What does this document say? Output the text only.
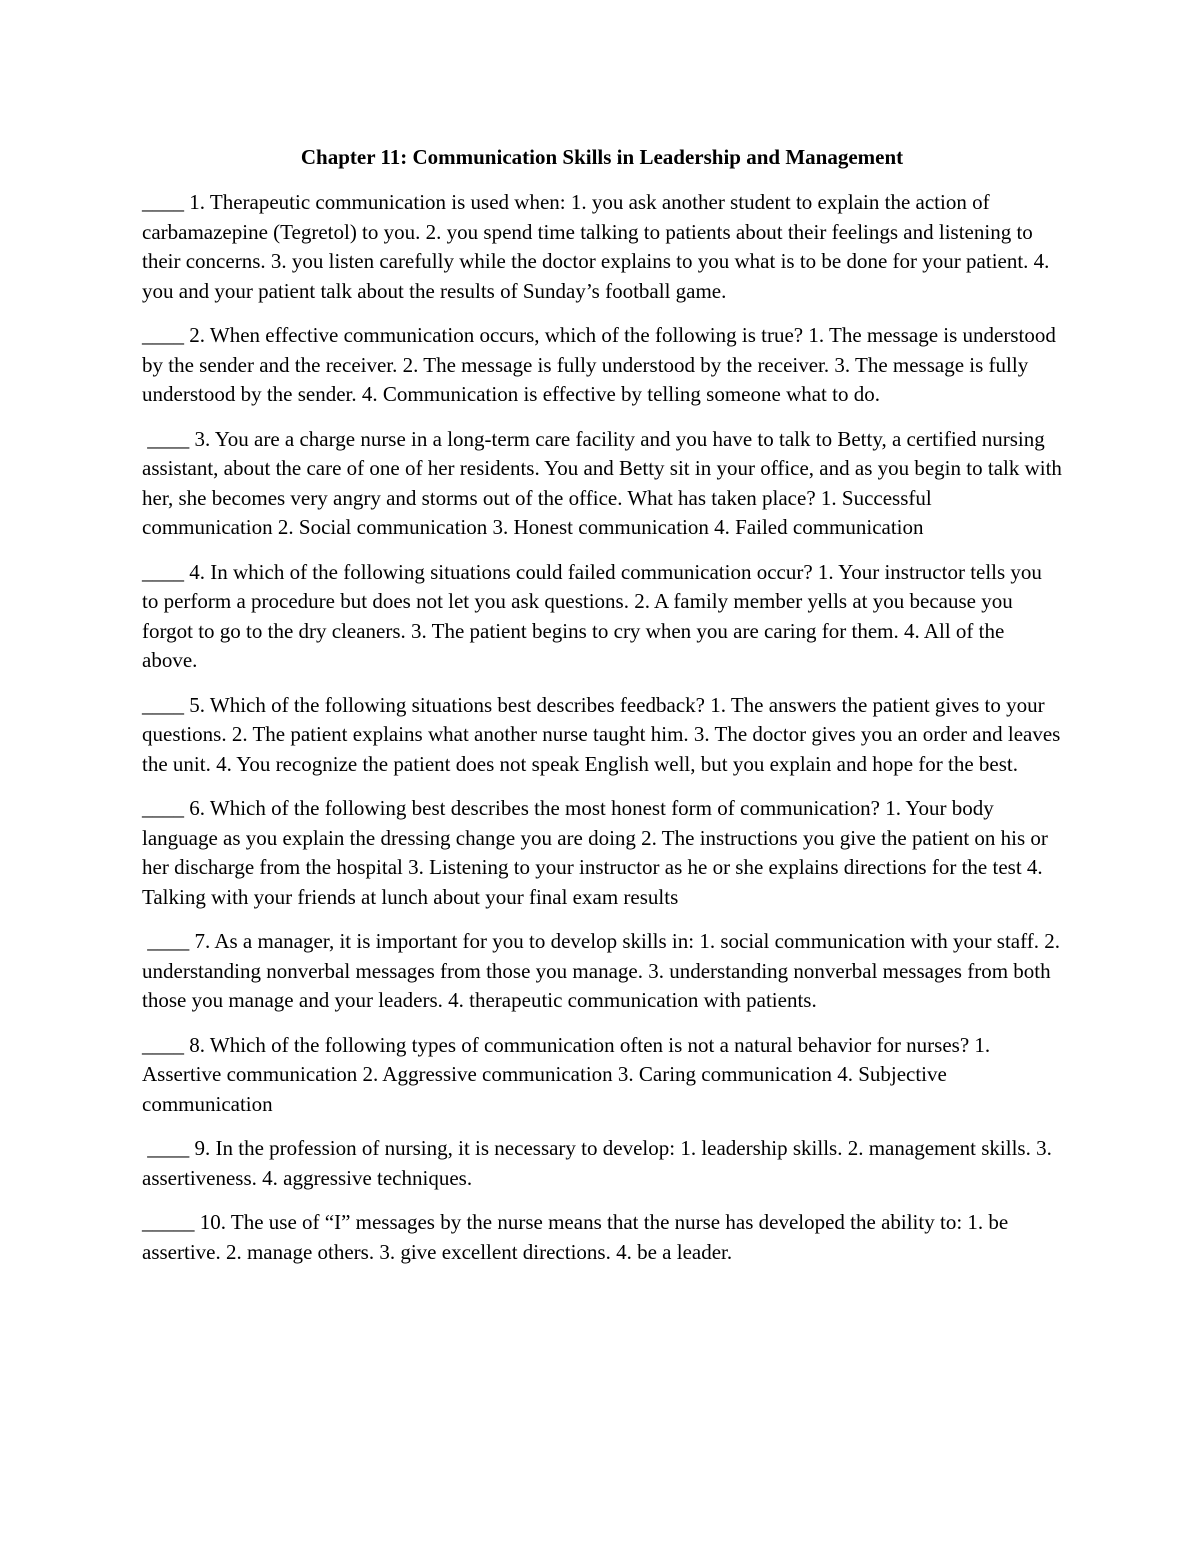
Chapter 11: Communication Skills in Leadership and Management

____ 1. Therapeutic communication is used when: 1. you ask another student to explain the action of carbamazepine (Tegretol) to you. 2. you spend time talking to patients about their feelings and listening to their concerns. 3. you listen carefully while the doctor explains to you what is to be done for your patient. 4. you and your patient talk about the results of Sunday’s football game.

____ 2. When effective communication occurs, which of the following is true? 1. The message is understood by the sender and the receiver. 2. The message is fully understood by the receiver. 3. The message is fully understood by the sender. 4. Communication is effective by telling someone what to do.

____ 3. You are a charge nurse in a long-term care facility and you have to talk to Betty, a certified nursing assistant, about the care of one of her residents. You and Betty sit in your office, and as you begin to talk with her, she becomes very angry and storms out of the office. What has taken place? 1. Successful communication 2. Social communication 3. Honest communication 4. Failed communication

____ 4. In which of the following situations could failed communication occur? 1. Your instructor tells you to perform a procedure but does not let you ask questions. 2. A family member yells at you because you forgot to go to the dry cleaners. 3. The patient begins to cry when you are caring for them. 4. All of the above.

____ 5. Which of the following situations best describes feedback? 1. The answers the patient gives to your questions. 2. The patient explains what another nurse taught him. 3. The doctor gives you an order and leaves the unit. 4. You recognize the patient does not speak English well, but you explain and hope for the best.

____ 6. Which of the following best describes the most honest form of communication? 1. Your body language as you explain the dressing change you are doing 2. The instructions you give the patient on his or her discharge from the hospital 3. Listening to your instructor as he or she explains directions for the test 4. Talking with your friends at lunch about your final exam results

____ 7. As a manager, it is important for you to develop skills in: 1. social communication with your staff. 2. understanding nonverbal messages from those you manage. 3. understanding nonverbal messages from both those you manage and your leaders. 4. therapeutic communication with patients.

____ 8. Which of the following types of communication often is not a natural behavior for nurses? 1. Assertive communication 2. Aggressive communication 3. Caring communication 4. Subjective communication

____ 9. In the profession of nursing, it is necessary to develop: 1. leadership skills. 2. management skills. 3. assertiveness. 4. aggressive techniques.

_____ 10. The use of “I” messages by the nurse means that the nurse has developed the ability to: 1. be assertive. 2. manage others. 3. give excellent directions. 4. be a leader.
